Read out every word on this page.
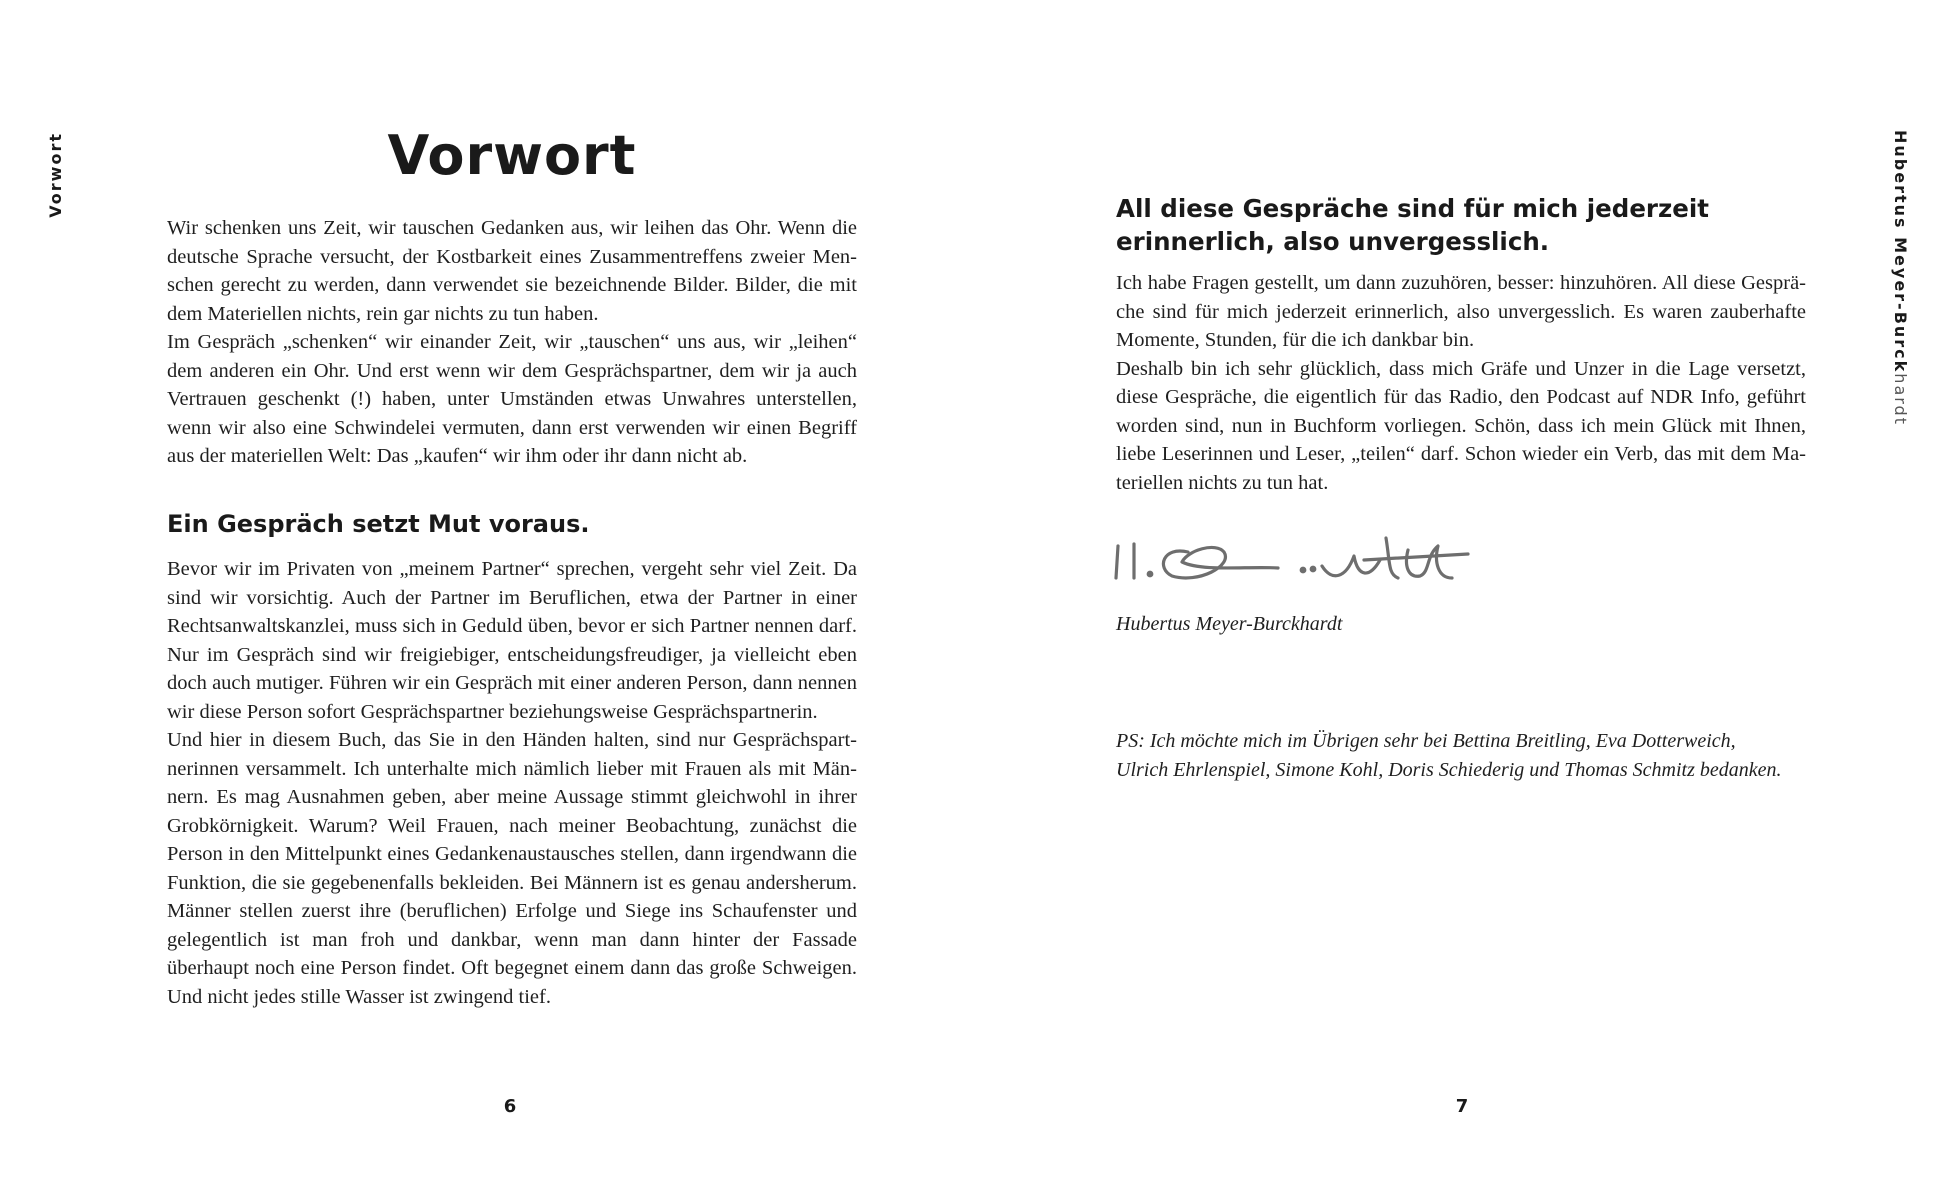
Vorwort	Vorwort

Wir schenken uns Zeit, wir tauschen Gedanken aus, wir leihen das Ohr. Wenn die deutsche Sprache versucht, der Kostbarkeit eines Zusammentreffens zweier Menschen gerecht zu werden, dann verwendet sie bezeichnende Bilder. Bilder, die mit dem Materiellen nichts, rein gar nichts zu tun haben.

Im Gespräch „schenken“ wir einander Zeit, wir „tauschen“ uns aus, wir „leihen“ dem anderen ein Ohr. Und erst wenn wir dem Gesprächspartner, dem wir ja auch Vertrauen geschenkt (!) haben, unter Umständen etwas Unwahres unterstellen, wenn wir also eine Schwindelei vermuten, dann erst verwenden wir einen Begriff aus der materiellen Welt: Das „kaufen“ wir ihm oder ihr dann nicht ab.

Ein Gespräch setzt Mut voraus.

Bevor wir im Privaten von „meinem Partner“ sprechen, vergeht sehr viel Zeit. Da sind wir vorsichtig. Auch der Partner im Beruflichen, etwa der Partner in einer Rechtsanwaltskanzlei, muss sich in Geduld üben, bevor er sich Partner nennen darf. Nur im Gespräch sind wir freigiebiger, entscheidungsfreudiger, ja vielleicht eben doch auch mutiger. Führen wir ein Gespräch mit einer anderen Person, dann nennen wir diese Person sofort Gesprächspartner beziehungsweise Gesprächspartnerin.

Und hier in diesem Buch, das Sie in den Händen halten, sind nur Gesprächspartnerinnen versammelt. Ich unterhalte mich nämlich lieber mit Frauen als mit Männern. Es mag Ausnahmen geben, aber meine Aussage stimmt gleichwohl in ihrer Grobkörnigkeit. Warum? Weil Frauen, nach meiner Beobachtung, zunächst die Person in den Mittelpunkt eines Gedankenaustausches stellen, dann irgendwann die Funktion, die sie gegebenenfalls bekleiden. Bei Männern ist es genau andersherum. Männer stellen zuerst ihre (beruflichen) Erfolge und Siege ins Schaufenster und gelegentlich ist man froh und dankbar, wenn man dann hinter der Fassade überhaupt noch eine Person findet. Oft begegnet einem dann das große Schweigen. Und nicht jedes stille Wasser ist zwingend tief.

6
Hubertus Meyer-Burckhardt
All diese Gespräche sind für mich jederzeit erinnerlich, also unvergesslich.

Ich habe Fragen gestellt, um dann zuzuhören, besser: hinzuhören. All diese Gespräche sind für mich jederzeit erinnerlich, also unvergesslich. Es waren zauberhafte Momente, Stunden, für die ich dankbar bin.

Deshalb bin ich sehr glücklich, dass mich Gräfe und Unzer in die Lage versetzt, diese Gespräche, die eigentlich für das Radio, den Podcast auf NDR Info, geführt worden sind, nun in Buchform vorliegen. Schön, dass ich mein Glück mit Ihnen, liebe Leserinnen und Leser, „teilen“ darf. Schon wieder ein Verb, das mit dem Materiellen nichts zu tun hat.

Hubertus Meyer-Burckhardt

PS: Ich möchte mich im Übrigen sehr bei Bettina Breitling, Eva Dotterweich,
Ulrich Ehrlenspiel, Simone Kohl, Doris Schiederig und Thomas Schmitz bedanken.
7
